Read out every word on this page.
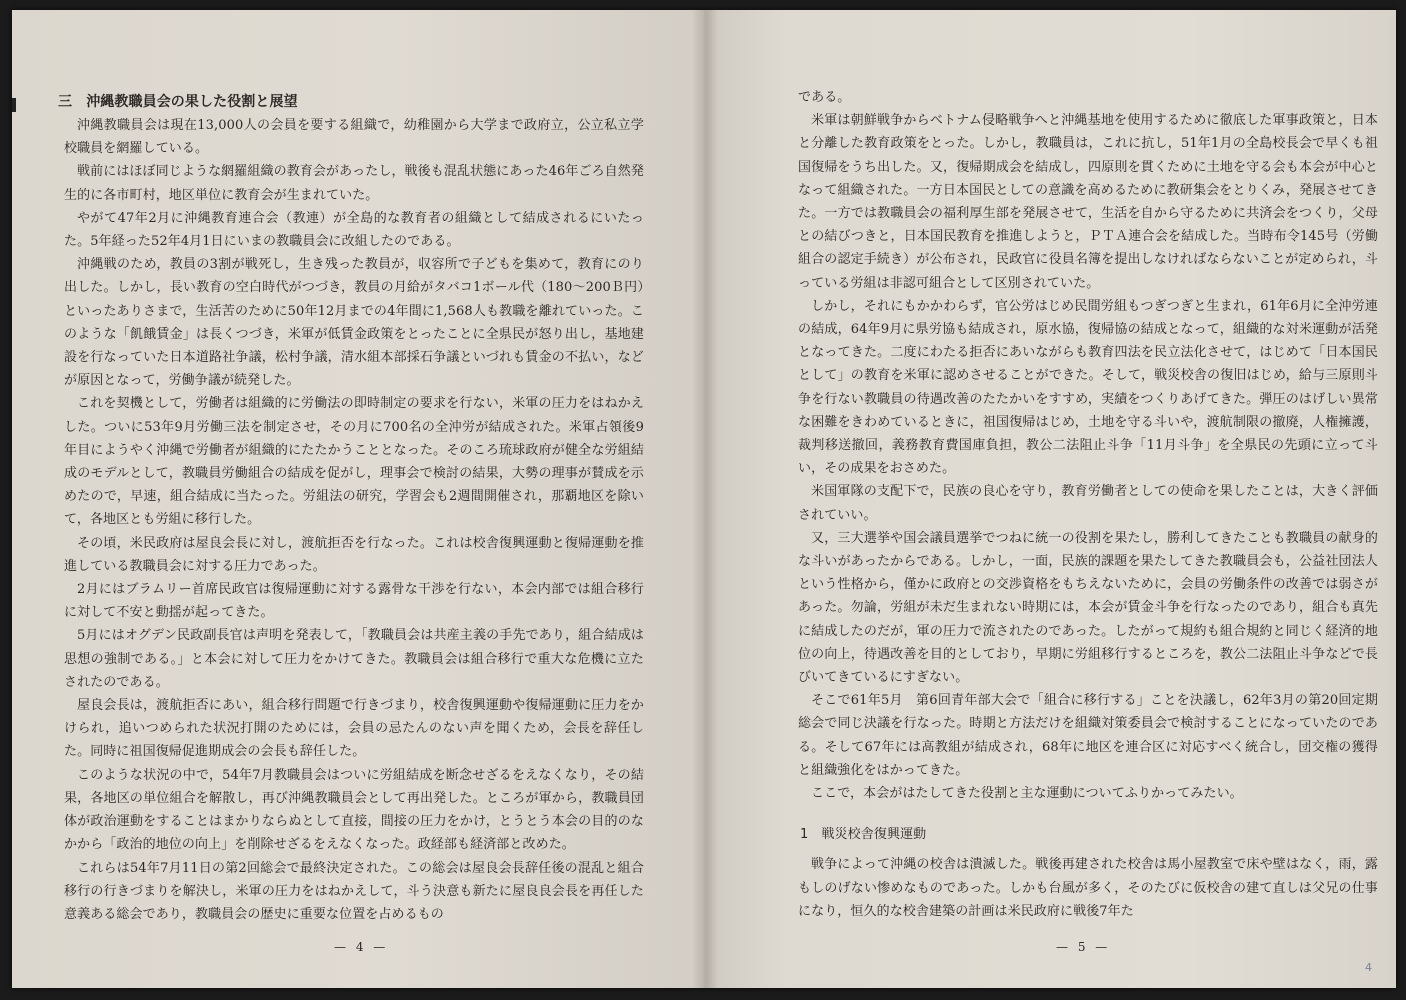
三　沖縄教職員会の果した役割と展望

沖縄教職員会は現在13,000人の会員を要する組織で，幼稚園から大学まで政府立，公立私立学校職員を網羅している。

戦前にはほぼ同じような網羅組織の教育会があったし，戦後も混乱状態にあった46年ごろ自然発生的に各市町村，地区単位に教育会が生まれていた。

やがて47年2月に沖縄教育連合会（教連）が全島的な教育者の組織として結成されるにいたった。5年経った52年4月1日にいまの教職員会に改組したのである。

沖縄戦のため，教員の3割が戦死し，生き残った教員が，収容所で子どもを集めて，教育にのり出した。しかし，長い教育の空白時代がつづき，教員の月給がタバコ1ボール代（180〜200Ｂ円）といったありさまで，生活苦のために50年12月までの4年間に1,568人も教職を離れていった。このような「飢餓賃金」は長くつづき，米軍が低賃金政策をとったことに全県民が怒り出し，基地建設を行なっていた日本道路社争議，松村争議，清水組本部採石争議といづれも賃金の不払い，などが原因となって，労働争議が続発した。

これを契機として，労働者は組織的に労働法の即時制定の要求を行ない，米軍の圧力をはねかえした。ついに53年9月労働三法を制定させ，その月に700名の全沖労が結成された。米軍占領後9年目にようやく沖縄で労働者が組織的にたたかうこととなった。そのころ琉球政府が健全な労組結成のモデルとして，教職員労働組合の結成を促がし，理事会で検討の結果，大勢の理事が賛成を示めたので，早速，組合結成に当たった。労組法の研究，学習会も2週間開催され，那覇地区を除いて，各地区とも労組に移行した。

その頃，米民政府は屋良会長に対し，渡航拒否を行なった。これは校舎復興運動と復帰運動を推進している教職員会に対する圧力であった。

2月にはブラムリー首席民政官は復帰運動に対する露骨な干渉を行ない，本会内部では組合移行に対して不安と動揺が起ってきた。

5月にはオグデン民政副長官は声明を発表して，「教職員会は共産主義の手先であり，組合結成は思想の強制である。」と本会に対して圧力をかけてきた。教職員会は組合移行で重大な危機に立たされたのである。

屋良会長は，渡航拒否にあい，組合移行問題で行きづまり，校舎復興運動や復帰運動に圧力をかけられ，追いつめられた状況打開のためには，会員の忌たんのない声を聞くため，会長を辞任した。同時に祖国復帰促進期成会の会長も辞任した。

このような状況の中で，54年7月教職員会はついに労組結成を断念せざるをえなくなり，その結果，各地区の単位組合を解散し，再び沖縄教職員会として再出発した。ところが軍から，教職員団体が政治運動をすることはまかりならぬとして直接，間接の圧力をかけ，とうとう本会の目的のなかから「政治的地位の向上」を削除せざるをえなくなった。政経部も経済部と改めた。

これらは54年7月11日の第2回総会で最終決定された。この総会は屋良会長辞任後の混乱と組合移行の行きづまりを解決し，米軍の圧力をはねかえして，斗う決意も新たに屋良良会長を再任した意義ある総会であり，教職員会の歴史に重要な位置を占めるもの

— 4 —

である。

米軍は朝鮮戦争からベトナム侵略戦争へと沖縄基地を使用するために徹底した軍事政策と，日本と分離した教育政策をとった。しかし，教職員は，これに抗し，51年1月の全島校長会で早くも祖国復帰をうち出した。又，復帰期成会を結成し，四原則を貫くために土地を守る会も本会が中心となって組織された。一方日本国民としての意識を高めるために教研集会をとりくみ，発展させてきた。一方では教職員会の福利厚生部を発展させて，生活を自から守るために共済会をつくり，父母との結びつきと，日本国民教育を推進しようと，ＰＴＡ連合会を結成した。当時布令145号（労働組合の認定手続き）が公布され，民政官に役員名簿を提出しなければならないことが定められ，斗っている労組は非認可組合として区別されていた。

しかし，それにもかかわらず，官公労はじめ民間労組もつぎつぎと生まれ，61年6月に全沖労連の結成，64年9月に県労協も結成され，原水協，復帰協の結成となって，組織的な対米運動が活発となってきた。二度にわたる拒否にあいながらも教育四法を民立法化させて，はじめて「日本国民として」の教育を米軍に認めさせることができた。そして，戦災校舎の復旧はじめ，給与三原則斗争を行ない教職員の待遇改善のたたかいをすすめ，実績をつくりあげてきた。弾圧のはげしい異常な困難をきわめているときに，祖国復帰はじめ，土地を守る斗いや，渡航制限の撤廃，人権擁護，裁判移送撤回，義務教育費国庫負担，教公二法阻止斗争「11月斗争」を全県民の先頭に立って斗い，その成果をおさめた。

米国軍隊の支配下で，民族の良心を守り，教育労働者としての使命を果したことは，大きく評価されていい。

又，三大選挙や国会議員選挙でつねに統一の役割を果たし，勝利してきたことも教職員の献身的な斗いがあったからである。しかし，一面，民族的課題を果たしてきた教職員会も，公益社団法人という性格から，僅かに政府との交渉資格をもちえないために，会員の労働条件の改善では弱さがあった。勿論，労組が未だ生まれない時期には，本会が賃金斗争を行なったのであり，組合も真先に結成したのだが，軍の圧力で流されたのであった。したがって規約も組合規約と同じく経済的地位の向上，待遇改善を目的としており，早期に労組移行するところを，教公二法阻止斗争などで長びいてきているにすぎない。

そこで61年5月　第6回青年部大会で「組合に移行する」ことを決議し，62年3月の第20回定期総会で同じ決議を行なった。時期と方法だけを組織対策委員会で検討することになっていたのである。そして67年には高教組が結成され，68年に地区を連合区に対応すべく統合し，団交権の獲得と組織強化をはかってきた。

ここで，本会がはたしてきた役割と主な運動についてふりかってみたい。

1　戦災校舎復興運動

戦争によって沖縄の校舎は潰滅した。戦後再建された校舎は馬小屋教室で床や壁はなく，雨，露もしのげない惨めなものであった。しかも台風が多く，そのたびに仮校舎の建て直しは父兄の仕事になり，恒久的な校舎建築の計画は米民政府に戦後7年た

— 5 —
4
